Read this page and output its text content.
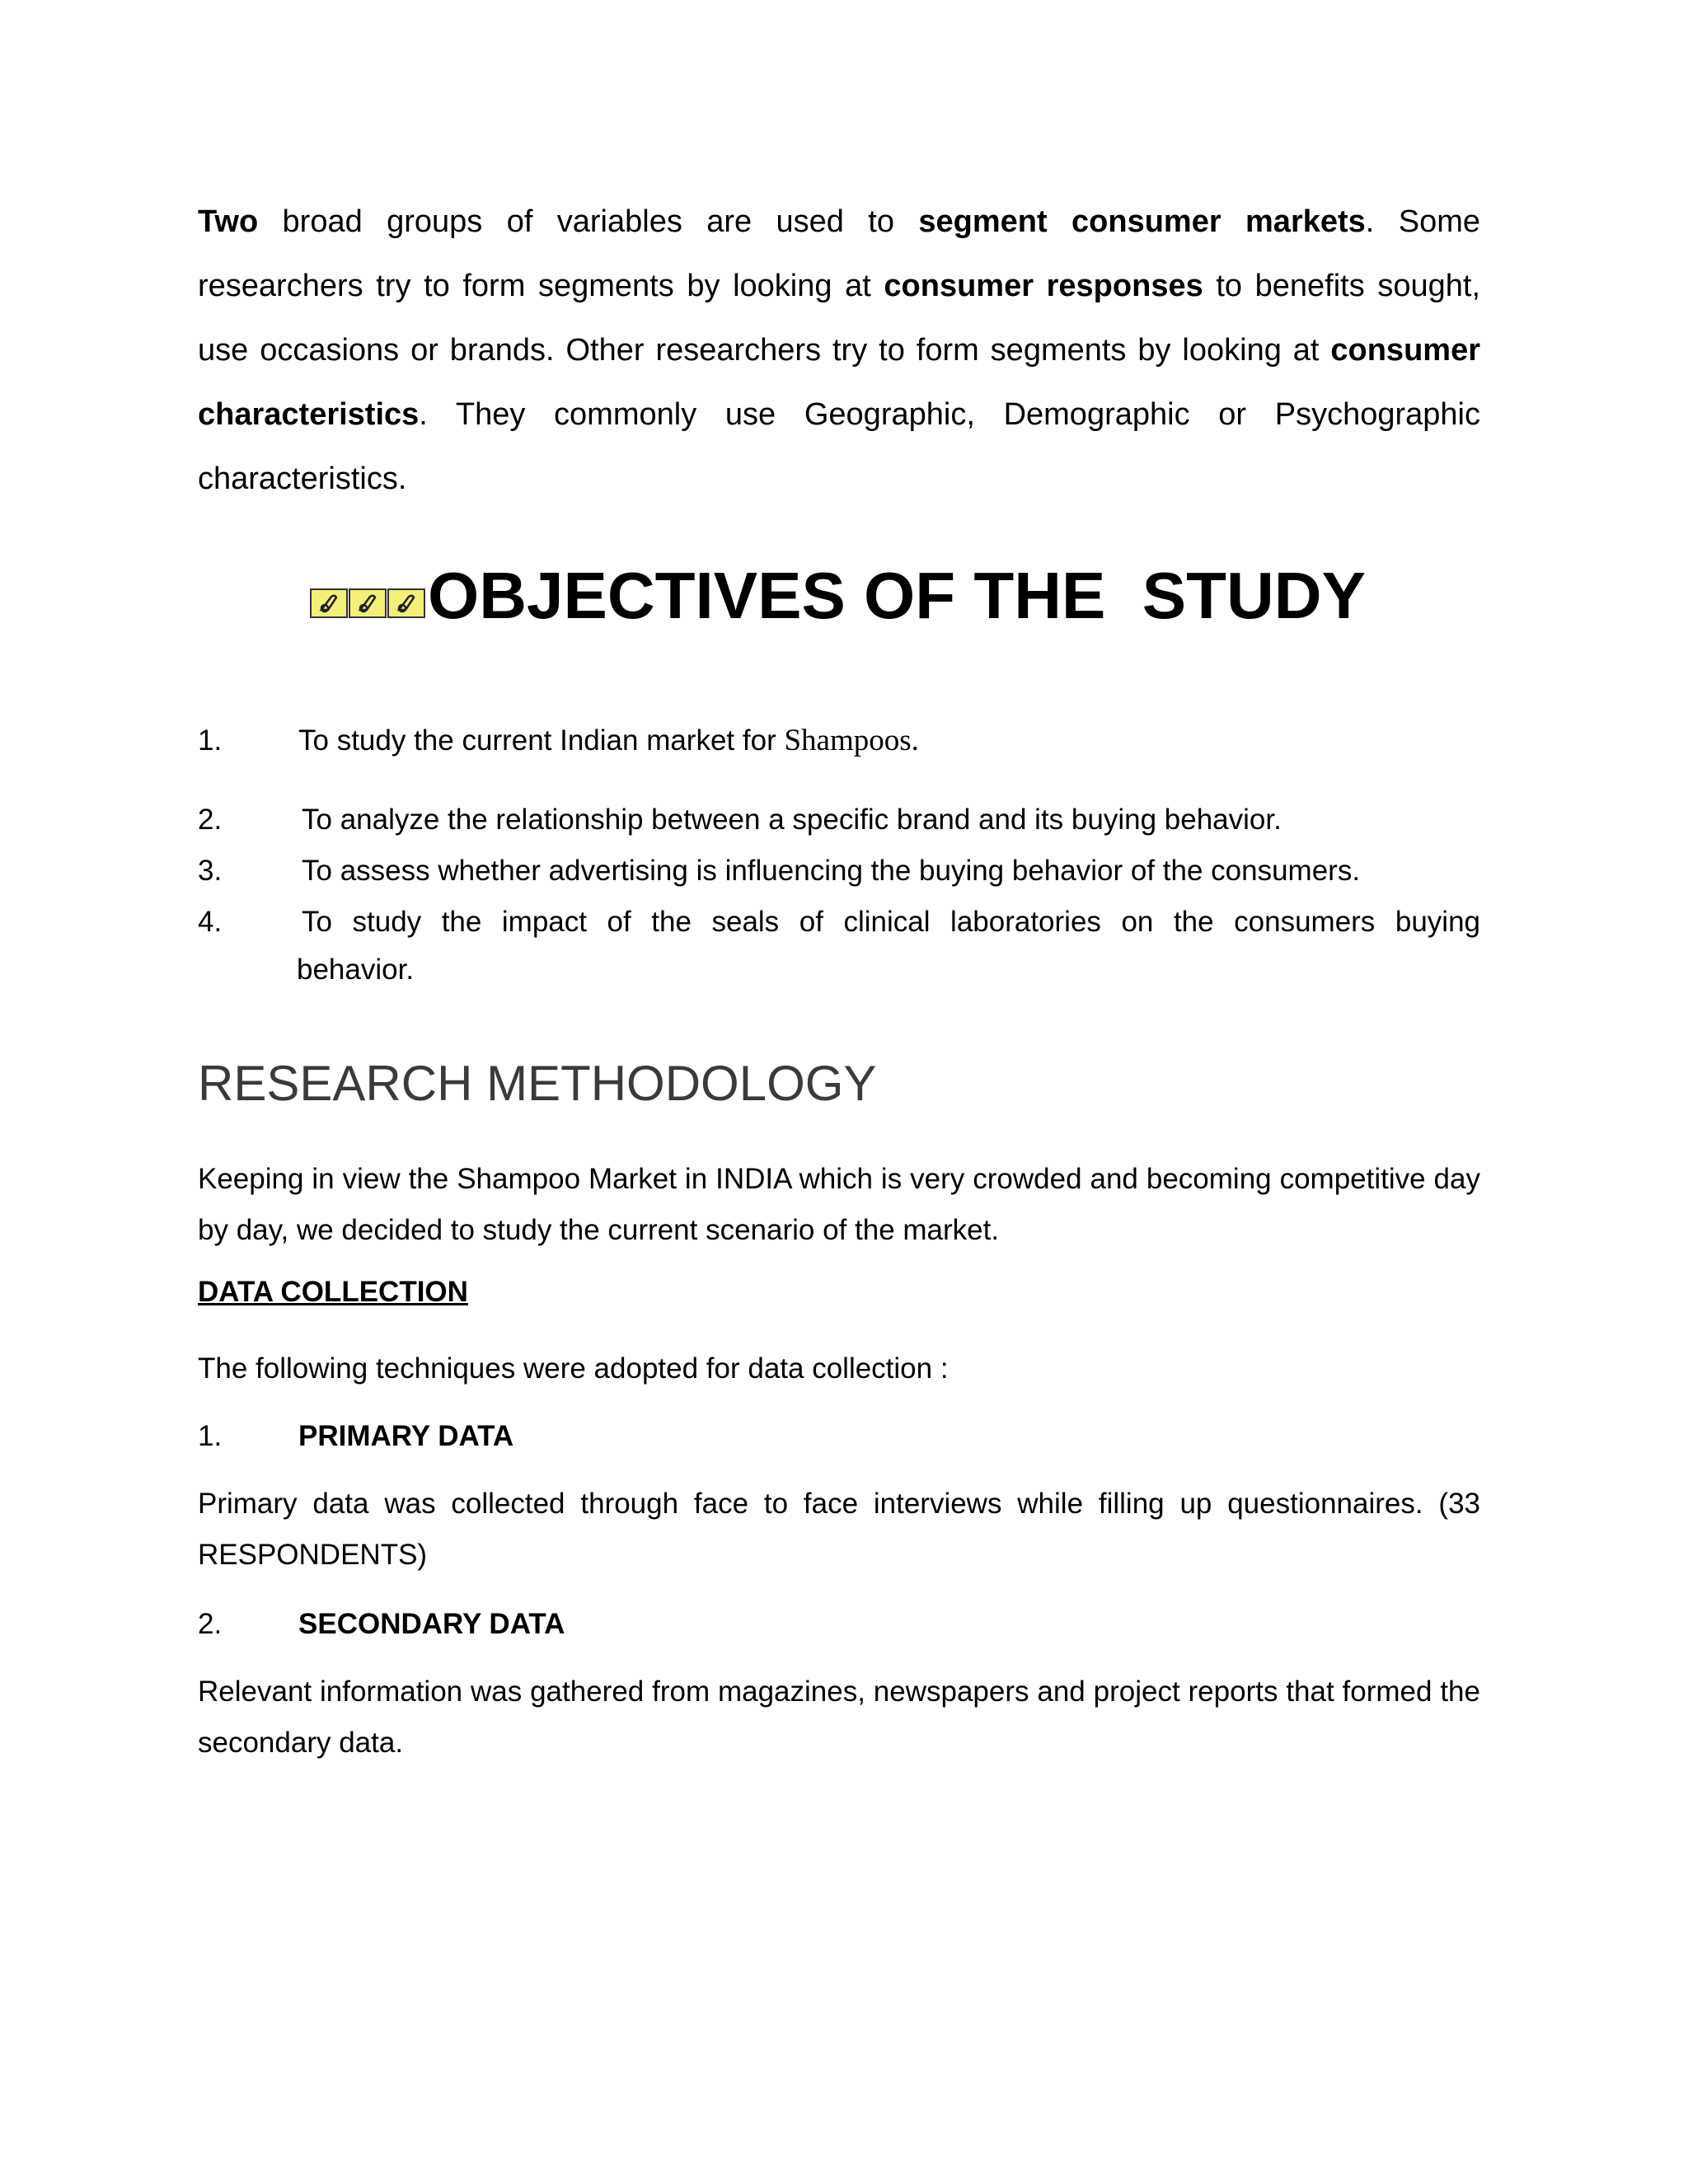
Two broad groups of variables are used to segment consumer markets. Some researchers try to form segments by looking at consumer responses to benefits sought, use occasions or brands. Other researchers try to form segments by looking at consumer characteristics. They commonly use Geographic, Demographic or Psychographic characteristics.

OBJECTIVES OF THE  STUDY
1.	To study the current Indian market for Shampoos.
2.	To analyze the relationship between a specific brand and its buying behavior.
3.	To assess whether advertising is influencing the buying behavior of the consumers.
4.	To study the impact of the seals of clinical laboratories on the consumers buying
behavior.
RESEARCH METHODOLOGY

Keeping in view the Shampoo Market in INDIA which is very crowded and becoming competitive day by day, we decided to study the current scenario of the market.

DATA COLLECTION

The following techniques were adopted for data collection :

1.	PRIMARY DATA

Primary data was collected through face to face interviews while filling up questionnaires. (33 RESPONDENTS)

2.	SECONDARY DATA

Relevant information was gathered from magazines, newspapers and project reports that formed the secondary data.
